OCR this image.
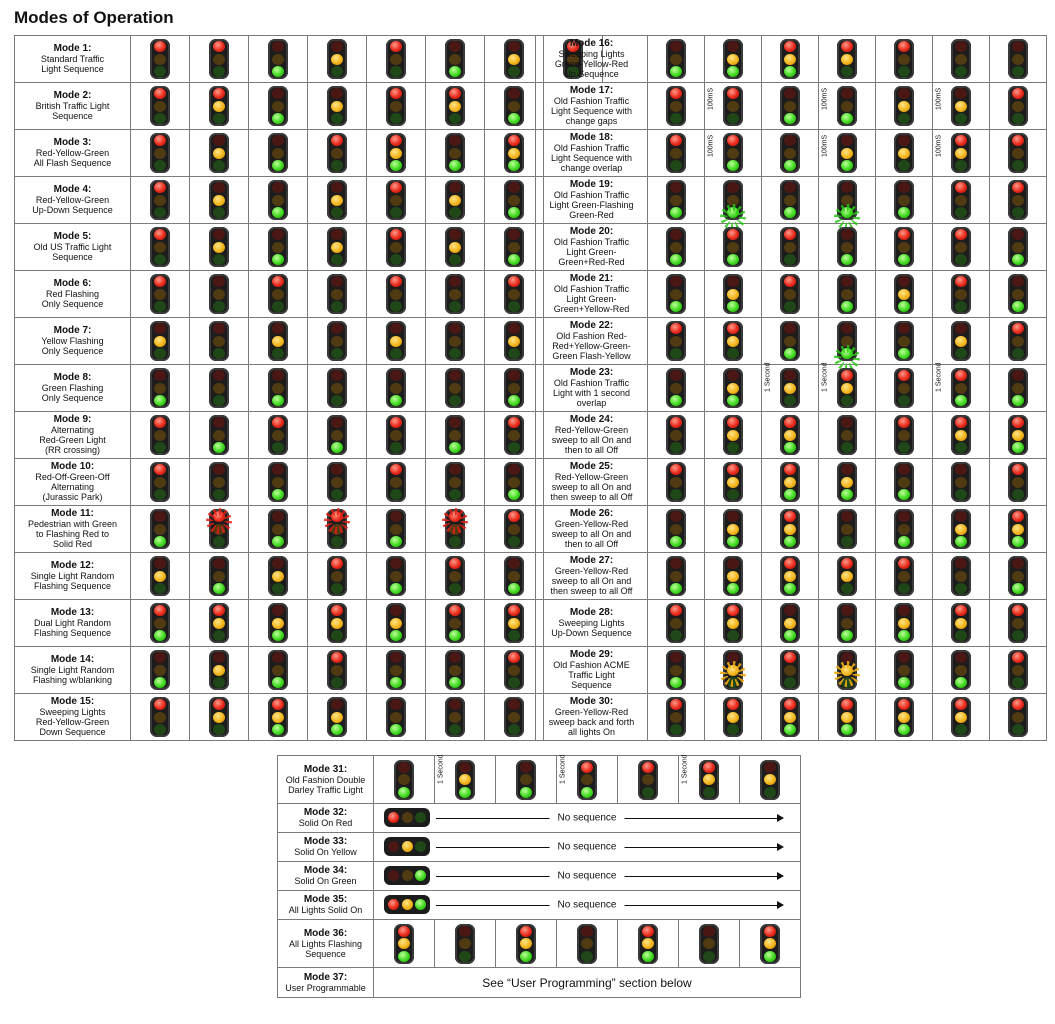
Modes of Operation
Mode 1:
Standard Traffic
Light Sequence								

Mode 2:
British Traffic Light
Sequence								

Mode 3:
Red-Yellow-Green
All Flash Sequence								

Mode 4:
Red-Yellow-Green
Up-Down Sequence								

Mode 5:
Old US Traffic Light
Sequence								

Mode 6:
Red Flashing
Only Sequence								

Mode 7:
Yellow Flashing
Only Sequence								

Mode 8:
Green Flashing
Only Sequence								

Mode 9:
Alternating
Red-Green Light
(RR crossing)								

Mode 10:
Red-Off-Green-Off
Alternating
(Jurassic Park)								

Mode 11:
Pedestrian with Green
to Flashing Red to
Solid Red								

Mode 12:
Single Light Random
Flashing Sequence								

Mode 13:
Dual Light Random
Flashing Sequence								

Mode 14:
Single Light Random
Flashing w/blanking								

Mode 15:
Sweeping Lights
Red-Yellow-Green
Down Sequence								

Mode 16:
Sweeping Lights
Green-Yellow-Red
Up Sequence							

Mode 17:
Old Fashion Traffic
Light Sequence with
change gaps		100mS		100mS		100mS	

Mode 18:
Old Fashion Traffic
Light Sequence with
change overlap		100mS		100mS		100mS	

Mode 19:
Old Fashion Traffic
Light Green-Flashing
Green-Red							

Mode 20:
Old Fashion Traffic
Light Green-
Green+Red-Red							

Mode 21:
Old Fashion Traffic
Light Green-
Green+Yellow-Red							

Mode 22:
Old Fashion Red-
Red+Yellow-Green-
Green Flash-Yellow							

Mode 23:
Old Fashion Traffic
Light with 1 second
overlap			1 Second	1 Second		1 Second	

Mode 24:
Red-Yellow-Green
sweep to all On and
then to all Off							

Mode 25:
Red-Yellow-Green
sweep to all On and
then sweep to all Off							

Mode 26:
Green-Yellow-Red
sweep to all On and
then to all Off							

Mode 27:
Green-Yellow-Red
sweep to all On and
then sweep to all Off							

Mode 28:
Sweeping Lights
Up-Down Sequence							

Mode 29:
Old Fashion ACME
Traffic Light
Sequence							

Mode 30:
Green-Yellow-Red
sweep back and forth
all lights On							

Mode 31:
Old Fashion Double
Darley Traffic Light		1 Second		1 Second		1 Second	

Mode 32:
Solid On Red	No sequence						

Mode 33:
Solid On Yellow	No sequence						

Mode 34:
Solid On Green	No sequence						

Mode 35:
All Lights Solid On	No sequence						

Mode 36:
All Lights Flashing
Sequence							

Mode 37:
User Programmable	See “User Programming” section below						
